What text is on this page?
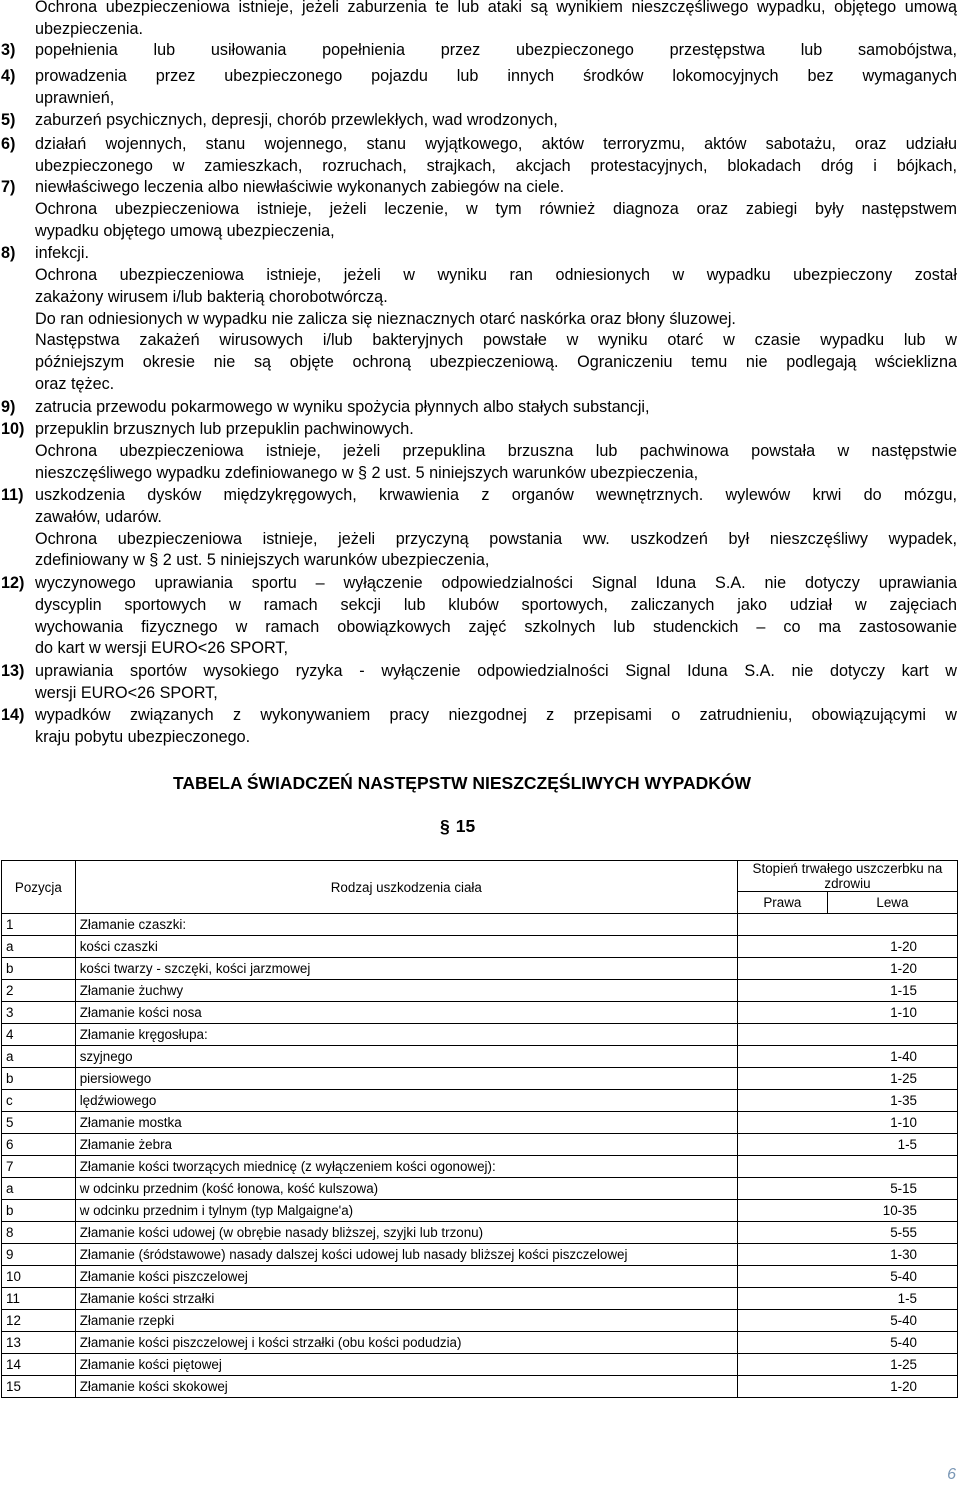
Ochrona ubezpieczeniowa istnieje, jeżeli zaburzenia te lub ataki są wynikiem nieszczęśliwego wypadku, objętego umową ubezpieczenia.
3) popełnienia lub usiłowania popełnienia przez ubezpieczonego przestępstwa lub samobójstwa,
4) prowadzenia przez ubezpieczonego pojazdu lub innych środków lokomocyjnych bez wymaganych
uprawnień,
5) zaburzeń psychicznych, depresji, chorób przewlekłych, wad wrodzonych,
6) działań wojennych, stanu wojennego, stanu wyjątkowego, aktów terroryzmu, aktów sabotażu, oraz udziału
ubezpieczonego w zamieszkach, rozruchach, strajkach, akcjach protestacyjnych, blokadach dróg i bójkach,
7) niewłaściwego leczenia albo niewłaściwie wykonanych zabiegów na ciele.
Ochrona ubezpieczeniowa istnieje, jeżeli leczenie, w tym również diagnoza oraz zabiegi były następstwem
wypadku objętego umową ubezpieczenia,
8) infekcji.
Ochrona ubezpieczeniowa istnieje, jeżeli w wyniku ran odniesionych w wypadku ubezpieczony został
zakażony wirusem i/lub bakterią chorobotwórczą.
Do ran odniesionych w wypadku nie zalicza się nieznacznych otarć naskórka oraz błony śluzowej.
Następstwa zakażeń wirusowych i/lub bakteryjnych powstałe w wyniku otarć w czasie wypadku lub w
późniejszym okresie nie są objęte ochroną ubezpieczeniową. Ograniczeniu temu nie podlegają wścieklizna
oraz tężec.
9) zatrucia przewodu pokarmowego w wyniku spożycia płynnych albo stałych substancji,
10) przepuklin brzusznych lub przepuklin pachwinowych.
Ochrona ubezpieczeniowa istnieje, jeżeli przepuklina brzuszna lub pachwinowa powstała w następstwie
nieszczęśliwego wypadku zdefiniowanego w § 2 ust. 5 niniejszych warunków ubezpieczenia,
11) uszkodzenia dysków międzykręgowych, krwawienia z organów wewnętrznych. wylewów krwi do mózgu,
zawałów, udarów.
Ochrona ubezpieczeniowa istnieje, jeżeli przyczyną powstania ww. uszkodzeń był nieszczęśliwy wypadek,
zdefiniowany w § 2 ust. 5 niniejszych warunków ubezpieczenia,
12) wyczynowego uprawiania sportu – wyłączenie odpowiedzialności Signal Iduna S.A. nie dotyczy uprawiania
dyscyplin sportowych w ramach sekcji lub klubów sportowych, zaliczanych jako udział w zajęciach
wychowania fizycznego w ramach obowiązkowych zajęć szkolnych lub studenckich – co ma zastosowanie
do kart w wersji EURO<26 SPORT,
13) uprawiania sportów wysokiego ryzyka - wyłączenie odpowiedzialności Signal Iduna S.A. nie dotyczy kart w
wersji EURO<26 SPORT,
14) wypadków związanych z wykonywaniem pracy niezgodnej z przepisami o zatrudnieniu, obowiązującymi w
kraju pobytu ubezpieczonego.
TABELA ŚWIADCZEŃ NASTĘPSTW NIESZCZĘŚLIWYCH WYPADKÓW
§ 15
Pozycja	Rodzaj uszkodzenia ciała	Stopień trwałego uszczerbku na zdrowiu	
		Prawa	Lewa
1	Złamanie czaszki:		
a	kości czaszki	1-20	
b	kości twarzy - szczęki, kości jarzmowej	1-20	
2	Złamanie żuchwy	1-15	
3	Złamanie kości nosa	1-10	
4	Złamanie kręgosłupa:		
a	szyjnego	1-40	
b	piersiowego	1-25	
c	lędźwiowego	1-35	
5	Złamanie mostka	1-10	
6	Złamanie żebra	1-5	
7	Złamanie kości tworzących miednicę (z wyłączeniem kości ogonowej):		
a	w odcinku przednim (kość łonowa, kość kulszowa)	5-15	
b	w odcinku przednim i tylnym (typ Malgaigne'a)	10-35	
8	Złamanie kości udowej (w obrębie nasady bliższej, szyjki lub trzonu)	5-55	
9	Złamanie (śródstawowe) nasady dalszej kości udowej lub nasady bliższej kości piszczelowej	1-30	
10	Złamanie kości piszczelowej	5-40	
11	Złamanie kości strzałki	1-5	
12	Złamanie rzepki	5-40	
13	Złamanie kości piszczelowej i kości strzałki (obu kości podudzia)	5-40	
14	Złamanie kości piętowej	1-25	
15	Złamanie kości skokowej	1-20	
6
